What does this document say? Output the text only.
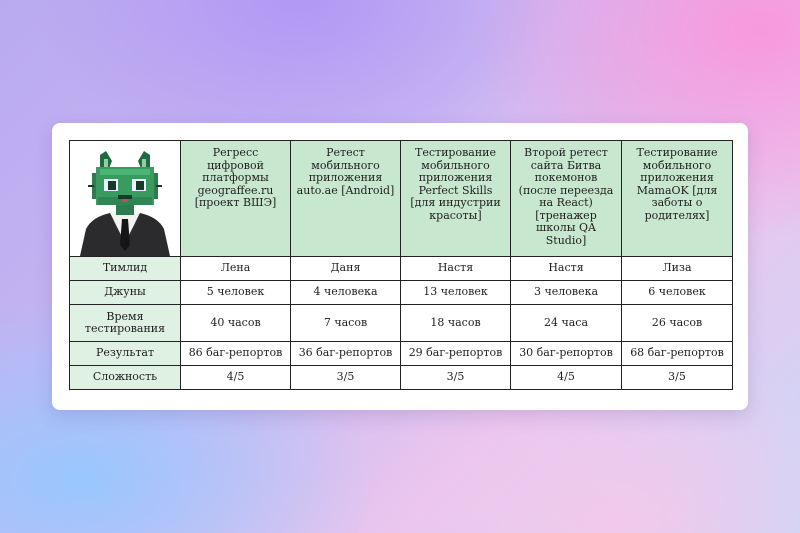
	Регресс цифровой платформы geograffee.ru [проект ВШЭ]	Ретест мобильного приложения auto.ae [Android]	Тестирование мобильного приложения Perfect Skills [для индустрии красоты]	Второй ретест сайта Битва покемонов (после переезда на React) [тренажер школы QA Studio]	Тестирование мобильного приложения MamaOK [для заботы о родителях]
Тимлид	Лена	Даня	Настя	Настя	Лиза
Джуны	5 человек	4 человека	13 человек	3 человека	6 человек
Время тестирования	40 часов	7 часов	18 часов	24 часа	26 часов
Результат	86 баг-репортов	36 баг-репортов	29 баг-репортов	30 баг-репортов	68 баг-репортов
Сложность	4/5	3/5	3/5	4/5	3/5
